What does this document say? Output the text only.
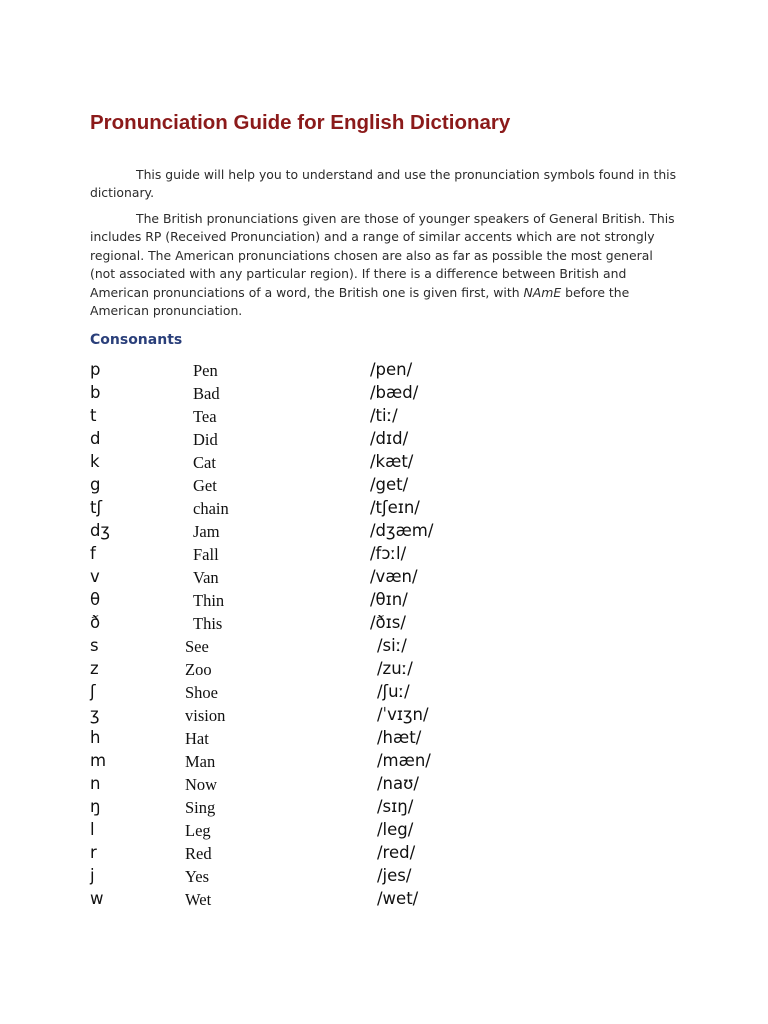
Pronunciation Guide for English Dictionary

This guide will help you to understand and use the pronunciation symbols found in this dictionary.

The British pronunciations given are those of younger speakers of General British. This includes RP (Received Pronunciation) and a range of similar accents which are not strongly regional. The American pronunciations chosen are also as far as possible the most general (not associated with any particular region). If there is a difference between British and American pronunciations of a word, the British one is given first, with NAmE before the American pronunciation.

Consonants
p	Pen	/pen/
b	Bad	/bæd/
t	Tea	/tiː/
d	Did	/dɪd/
k	Cat	/kæt/
g	Get	/get/
tʃ	chain	/tʃeɪn/
dʒ	Jam	/dʒæm/
f	Fall	/fɔːl/
v	Van	/væn/
θ	Thin	/θɪn/
ð	This	/ðɪs/
s	See	/siː/
z	Zoo	/zuː/
ʃ	Shoe	/ʃuː/
ʒ	vision	/ˈvɪʒn/
h	Hat	/hæt/
m	Man	/mæn/
n	Now	/naʊ/
ŋ	Sing	/sɪŋ/
l	Leg	/leg/
r	Red	/red/
j	Yes	/jes/
w	Wet	/wet/
